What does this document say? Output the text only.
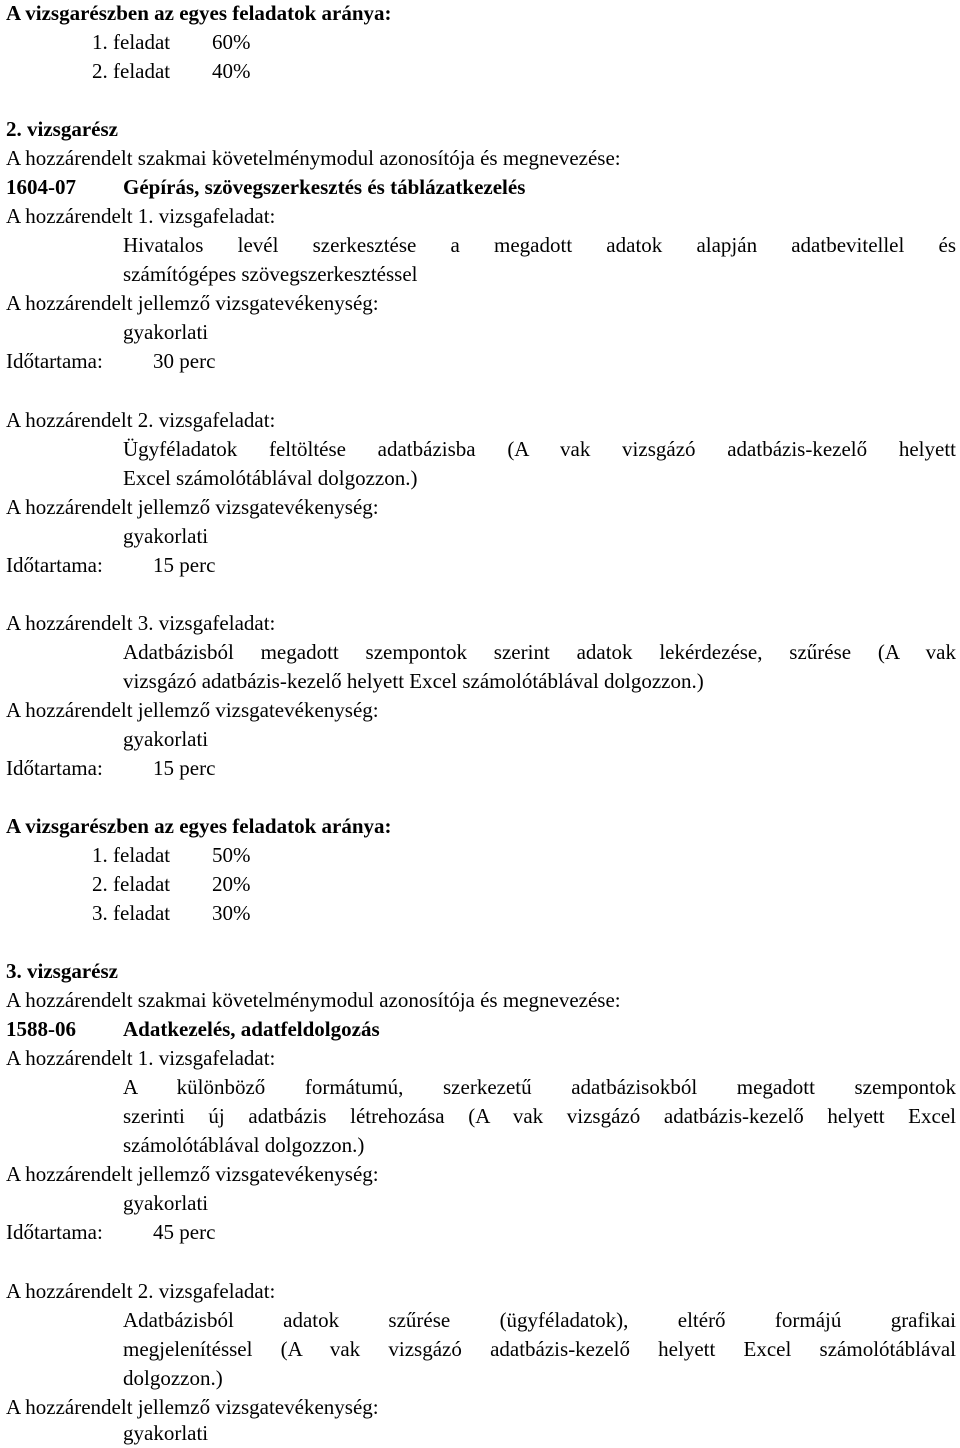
A vizsgarészben az egyes feladatok aránya:
1. feladat 60%
2. feladat 40%
2. vizsgarész
A hozzárendelt szakmai követelménymodul azonosítója és megnevezése:
1604-07 Gépírás, szövegszerkesztés és táblázatkezelés
A hozzárendelt 1. vizsgafeladat:
Hivatalos levél szerkesztése a megadott adatok alapján adatbevitellel és
számítógépes szövegszerkesztéssel
A hozzárendelt jellemző vizsgatevékenység:
gyakorlati
Időtartama: 30 perc
A hozzárendelt 2. vizsgafeladat:
Ügyféladatok feltöltése adatbázisba (A vak vizsgázó adatbázis-kezelő helyett
Excel számolótáblával dolgozzon.)
A hozzárendelt jellemző vizsgatevékenység:
gyakorlati
Időtartama: 15 perc
A hozzárendelt 3. vizsgafeladat:
Adatbázisból megadott szempontok szerint adatok lekérdezése, szűrése (A vak
vizsgázó adatbázis-kezelő helyett Excel számolótáblával dolgozzon.)
A hozzárendelt jellemző vizsgatevékenység:
gyakorlati
Időtartama: 15 perc
A vizsgarészben az egyes feladatok aránya:
1. feladat 50%
2. feladat 20%
3. feladat 30%
3. vizsgarész
A hozzárendelt szakmai követelménymodul azonosítója és megnevezése:
1588-06 Adatkezelés, adatfeldolgozás
A hozzárendelt 1. vizsgafeladat:
A különböző formátumú, szerkezetű adatbázisokból megadott szempontok
szerinti új adatbázis létrehozása (A vak vizsgázó adatbázis-kezelő helyett Excel
számolótáblával dolgozzon.)
A hozzárendelt jellemző vizsgatevékenység:
gyakorlati
Időtartama: 45 perc
A hozzárendelt 2. vizsgafeladat:
Adatbázisból adatok szűrése (ügyféladatok), eltérő formájú grafikai
megjelenítéssel (A vak vizsgázó adatbázis-kezelő helyett Excel számolótáblával
dolgozzon.)
A hozzárendelt jellemző vizsgatevékenység:
gyakorlati
